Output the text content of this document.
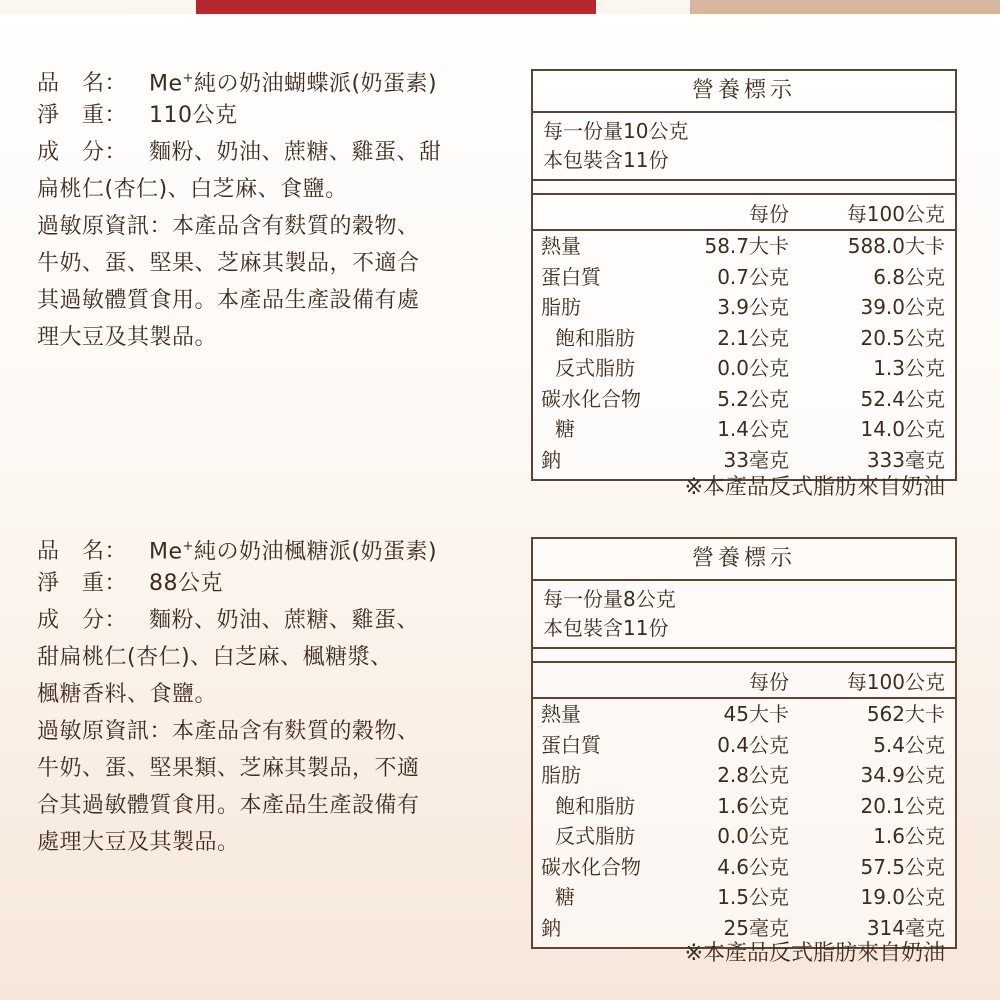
品　名： Me+純の奶油蝴蝶派(奶蛋素)
淨　重： 110公克
成　分： 麵粉、奶油、蔗糖、雞蛋、甜
扁桃仁(杏仁)、白芝麻、食鹽。
過敏原資訊：本產品含有麩質的穀物、
牛奶、蛋、堅果、芝麻其製品，不適合
其過敏體質食用。本產品生產設備有處
理大豆及其製品。
營養標示
每一份量10公克
本包裝含11份
每份	每100公克
熱量	58.7大卡	588.0大卡
蛋白質	0.7公克	6.8公克
脂肪	3.9公克	39.0公克
飽和脂肪	2.1公克	20.5公克
反式脂肪	0.0公克	1.3公克
碳水化合物	5.2公克	52.4公克
糖	1.4公克	14.0公克
鈉	33毫克	333毫克
※本產品反式脂肪來自奶油
品　名： Me+純の奶油楓糖派(奶蛋素)
淨　重： 88公克
成　分： 麵粉、奶油、蔗糖、雞蛋、
甜扁桃仁(杏仁)、白芝麻、楓糖漿、
楓糖香料、食鹽。
過敏原資訊：本產品含有麩質的穀物、
牛奶、蛋、堅果類、芝麻其製品，不適
合其過敏體質食用。本產品生產設備有
處理大豆及其製品。
營養標示
每一份量8公克
本包裝含11份
每份	每100公克
熱量	45大卡	562大卡
蛋白質	0.4公克	5.4公克
脂肪	2.8公克	34.9公克
飽和脂肪	1.6公克	20.1公克
反式脂肪	0.0公克	1.6公克
碳水化合物	4.6公克	57.5公克
糖	1.5公克	19.0公克
鈉	25毫克	314毫克
※本產品反式脂肪來自奶油
